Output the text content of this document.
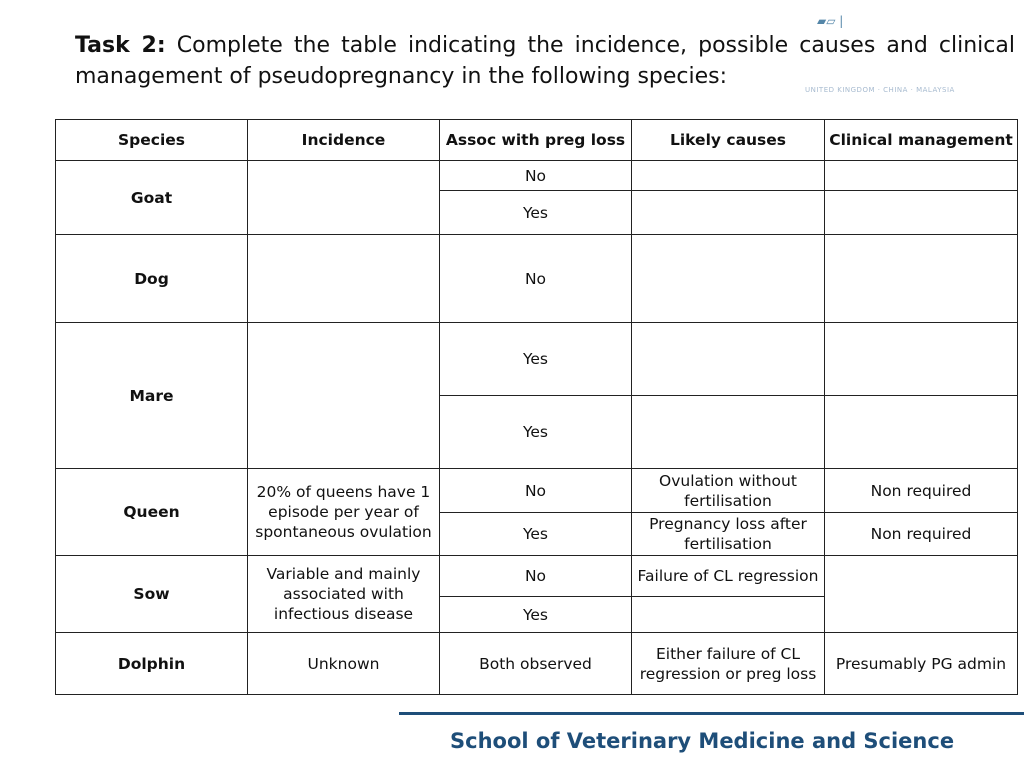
Task 2: Complete the table indicating the incidence, possible causes and clinical management of pseudopregnancy in the following species:
▰▱ |
UNITED KINGDOM · CHINA · MALAYSIA
Species	Incidence	Assoc with preg loss	Likely causes	Clinical management
Goat		No		
		Yes		
Dog		No		
Mare		Yes		
		Yes		
Queen	20% of queens have 1 episode per year of spontaneous ovulation	No	Ovulation without fertilisation	Non required
		Yes	Pregnancy loss after fertilisation	Non required
Sow	Variable and mainly associated with infectious disease	No	Failure of CL regression	
		Yes		
Dolphin	Unknown	Both observed	Either failure of CL regression or preg loss	Presumably PG admin
School of Veterinary Medicine and Science
